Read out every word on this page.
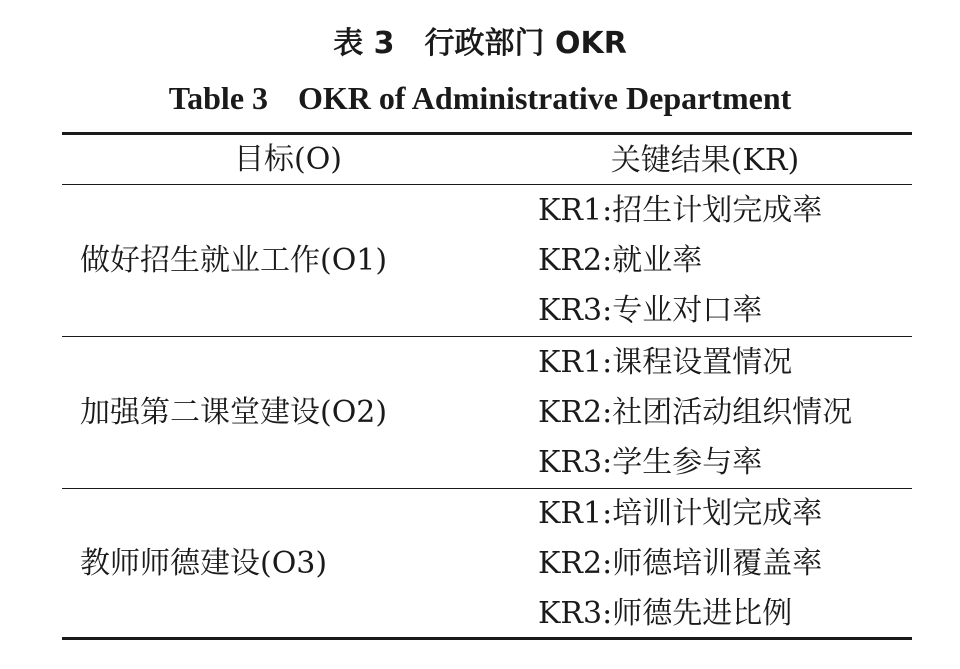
表 3 行政部门 OKR
Table 3 OKR of Administrative Department
目标(O)	关键结果(KR)
做好招生就业工作(O1)
KR1:招生计划完成率
KR2:就业率
KR3:专业对口率
加强第二课堂建设(O2)
KR1:课程设置情况
KR2:社团活动组织情况
KR3:学生参与率
教师师德建设(O3)
KR1:培训计划完成率
KR2:师德培训覆盖率
KR3:师德先进比例
